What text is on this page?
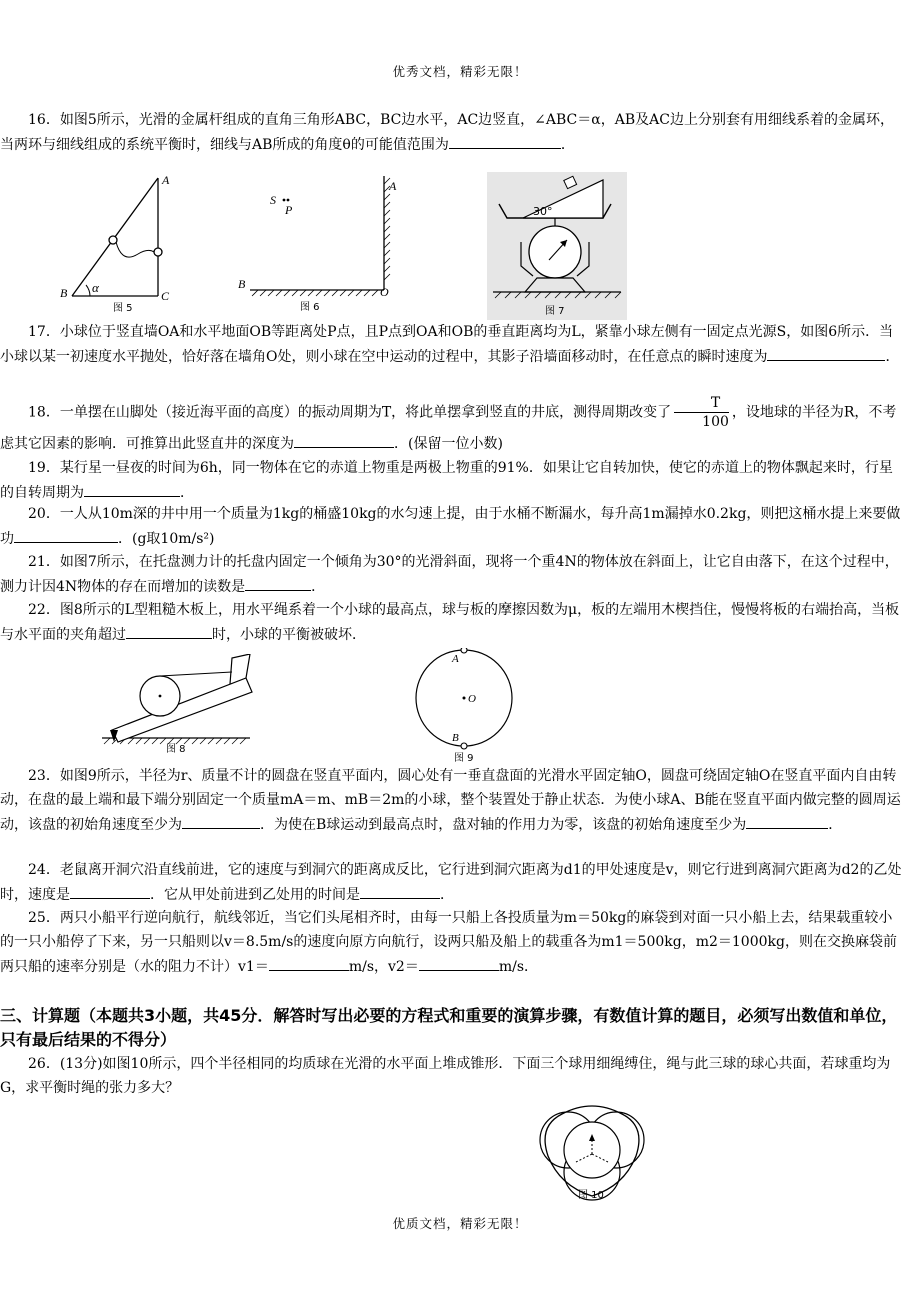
优秀文档，精彩无限！

16．如图5所示，光滑的金属杆组成的直角三角形ABC，BC边水平，AC边竖直，∠ABC＝α，AB及AC边上分别套有用细线系着的金属环，当两环与细线组成的系统平衡时，细线与AB所成的角度θ的可能值范围为	．

A
B	C
α
图 5
S
P
A
B
O
图 6
30°
图 7

17．小球位于竖直墙OA和水平地面OB等距离处P点，且P点到OA和OB的垂直距离均为L，紧靠小球左侧有一固定点光源S，如图6所示．当小球以某一初速度水平抛处，恰好落在墙角O处，则小球在空中运动的过程中，其影子沿墙面移动时，在任意点的瞬时速度为	．

18．一单摆在山脚处（接近海平面的高度）的振动周期为T，将此单摆拿到竖直的井底，测得周期改变了 $\frac{T}{100}$ ，设地球的半径为R，不考虑其它因素的影响．可推算出此竖直井的深度为	．(保留一位小数)

19．某行星一昼夜的时间为6h，同一物体在它的赤道上物重是两极上物重的91%．如果让它自转加快，使它的赤道上的物体飘起来时，行星的自转周期为	．

20．一人从10m深的井中用一个质量为1kg的桶盛10kg的水匀速上提，由于水桶不断漏水，每升高1m漏掉水0.2kg，则把这桶水提上来要做功	．(g取10m/s²)

21．如图7所示，在托盘测力计的托盘内固定一个倾角为30°的光滑斜面，现将一个重4N的物体放在斜面上，让它自由落下，在这个过程中，测力计因4N物体的存在而增加的读数是	．

22．图8所示的L型粗糙木板上，用水平绳系着一个小球的最高点，球与板的摩擦因数为μ，板的左端用木楔挡住，慢慢将板的右端抬高，当板与水平面的夹角超过	时，小球的平衡被破坏．

图 8
A
B
O
图 9

23．如图9所示，半径为r、质量不计的圆盘在竖直平面内，圆心处有一垂直盘面的光滑水平固定轴O，圆盘可绕固定轴O在竖直平面内自由转动，在盘的最上端和最下端分别固定一个质量mA＝m、mB＝2m的小球，整个装置处于静止状态．为使小球A、B能在竖直平面内做完整的圆周运动，该盘的初始角速度至少为	．为使在B球运动到最高点时，盘对轴的作用力为零，该盘的初始角速度至少为	．

24．老鼠离开洞穴沿直线前进，它的速度与到洞穴的距离成反比，它行进到洞穴距离为d1的甲处速度是v，则它行进到离洞穴距离为d2的乙处时，速度是	．它从甲处前进到乙处用的时间是	．

25．两只小船平行逆向航行，航线邻近，当它们头尾相齐时，由每一只船上各投质量为m＝50kg的麻袋到对面一只小船上去，结果载重较小的一只小船停了下来，另一只船则以v＝8.5m/s的速度向原方向航行，设两只船及船上的载重各为m1＝500kg，m2＝1000kg，则在交换麻袋前两只船的速率分别是（水的阻力不计）v1＝	m/s，v2＝	m/s．

三、计算题（本题共3小题，共45分．解答时写出必要的方程式和重要的演算步骤，有数值计算的题目，必须写出数值和单位，只有最后结果的不得分）

26．(13分)如图10所示，四个半径相同的均质球在光滑的水平面上堆成锥形．下面三个球用细绳缚住，绳与此三球的球心共面，若球重均为G，求平衡时绳的张力多大？

图 10
优质文档，精彩无限！
